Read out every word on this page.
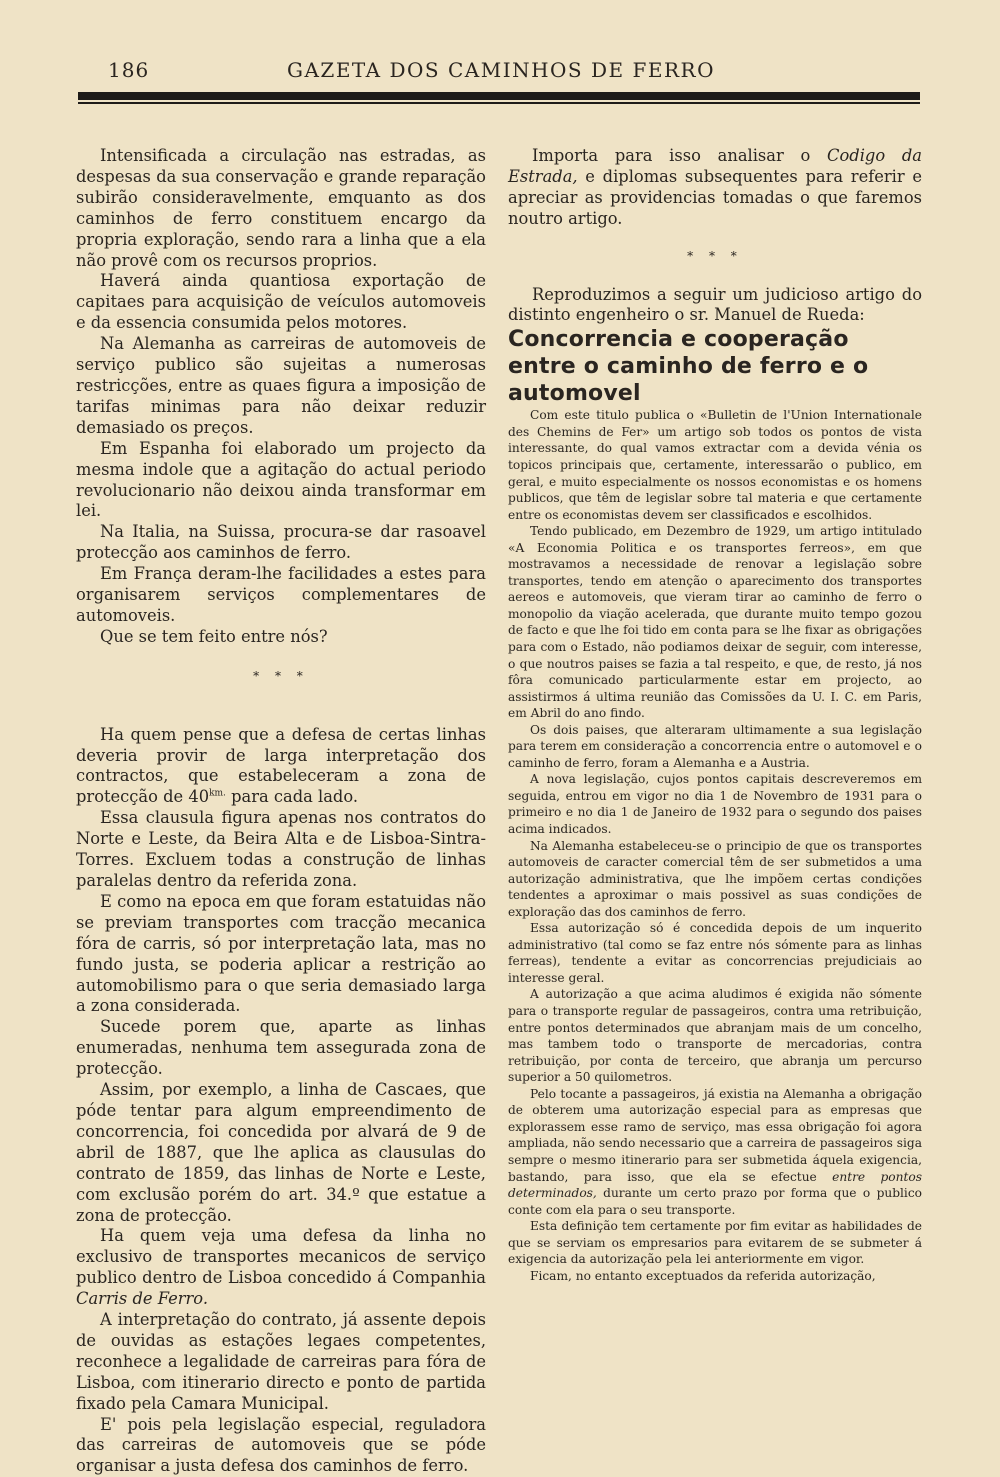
186	GAZETA DOS CAMINHOS DE FERRO

Intensificada a circulação nas estradas, as despesas da sua conservação e grande reparação subirão consideravelmente, emquanto as dos caminhos de ferro constituem encargo da propria exploração, sendo rara a linha que a ela não provê com os recursos proprios.

Haverá ainda quantiosa exportação de capitaes para acquisição de veículos automoveis e da essencia consumida pelos motores.

Na Alemanha as carreiras de automoveis de serviço publico são sujeitas a numerosas restricções, entre as quaes figura a imposição de tarifas minimas para não deixar reduzir demasiado os preços.

Em Espanha foi elaborado um projecto da mesma indole que a agitação do actual periodo revolucionario não deixou ainda transformar em lei.

Na Italia, na Suissa, procura-se dar rasoavel protecção aos caminhos de ferro.

Em França deram-lhe facilidades a estes para organisarem serviços complementares de automoveis.

Que se tem feito entre nós?

* * *

Ha quem pense que a defesa de certas linhas deveria provir de larga interpretação dos contractos, que estabeleceram a zona de protecção de $40^{km.}$ para cada lado.

Essa clausula figura apenas nos contratos do Norte e Leste, da Beira Alta e de Lisboa-Sintra-Torres. Excluem todas a construção de linhas paralelas dentro da referida zona.

E como na epoca em que foram estatuidas não se previam transportes com tracção mecanica fóra de carris, só por interpretação lata, mas no fundo justa, se poderia aplicar a restrição ao automobilismo para o que seria demasiado larga a zona considerada.

Sucede porem que, aparte as linhas enumeradas, nenhuma tem assegurada zona de protecção.

Assim, por exemplo, a linha de Cascaes, que póde tentar para algum empreendimento de concorrencia, foi concedida por alvará de 9 de abril de 1887, que lhe aplica as clausulas do contrato de 1859, das linhas de Norte e Leste, com exclusão porém do art. 34.º que estatue a zona de protecção.

Ha quem veja uma defesa da linha no exclusivo de transportes mecanicos de serviço publico dentro de Lisboa concedido á Companhia Carris de Ferro.

A interpretação do contrato, já assente depois de ouvidas as estações legaes competentes, reconhece a legalidade de carreiras para fóra de Lisboa, com itinerario directo e ponto de partida fixado pela Camara Municipal.

E' pois pela legislação especial, reguladora das carreiras de automoveis que se póde organisar a justa defesa dos caminhos de ferro.

Importa para isso analisar o Codigo da Estrada, e diplomas subsequentes para referir e apreciar as providencias tomadas o que faremos noutro artigo.

* * *

Reproduzimos a seguir um judicioso artigo do distinto engenheiro o sr. Manuel de Rueda:

Concorrencia e cooperação entre o caminho de ferro e o automovel

Com este titulo publica o «Bulletin de l'Union Internationale des Chemins de Fer» um artigo sob todos os pontos de vista interessante, do qual vamos extractar com a devida vénia os topicos principais que, certamente, interessarão o publico, em geral, e muito especialmente os nossos economistas e os homens publicos, que têm de legislar sobre tal materia e que certamente entre os economistas devem ser classificados e escolhidos.

Tendo publicado, em Dezembro de 1929, um artigo intitulado «A Economia Politica e os transportes ferreos», em que mostravamos a necessidade de renovar a legislação sobre transportes, tendo em atenção o aparecimento dos transportes aereos e automoveis, que vieram tirar ao caminho de ferro o monopolio da viação acelerada, que durante muito tempo gozou de facto e que lhe foi tido em conta para se lhe fixar as obrigações para com o Estado, não podiamos deixar de seguir, com interesse, o que noutros paises se fazia a tal respeito, e que, de resto, já nos fôra comunicado particularmente estar em projecto, ao assistirmos á ultima reunião das Comissões da U. I. C. em Paris, em Abril do ano findo.

Os dois paises, que alteraram ultimamente a sua legislação para terem em consideração a concorrencia entre o automovel e o caminho de ferro, foram a Alemanha e a Austria.

A nova legislação, cujos pontos capitais descreveremos em seguida, entrou em vigor no dia 1 de Novembro de 1931 para o primeiro e no dia 1 de Janeiro de 1932 para o segundo dos paises acima indicados.

Na Alemanha estabeleceu-se o principio de que os transportes automoveis de caracter comercial têm de ser submetidos a uma autorização administrativa, que lhe impõem certas condições tendentes a aproximar o mais possivel as suas condições de exploração das dos caminhos de ferro.

Essa autorização só é concedida depois de um inquerito administrativo (tal como se faz entre nós sómente para as linhas ferreas), tendente a evitar as concorrencias prejudiciais ao interesse geral.

A autorização a que acima aludimos é exigida não sómente para o transporte regular de passageiros, contra uma retribuição, entre pontos determinados que abranjam mais de um concelho, mas tambem todo o transporte de mercadorias, contra retribuição, por conta de terceiro, que abranja um percurso superior a 50 quilometros.

Pelo tocante a passageiros, já existia na Alemanha a obrigação de obterem uma autorização especial para as empresas que explorassem esse ramo de serviço, mas essa obrigação foi agora ampliada, não sendo necessario que a carreira de passageiros siga sempre o mesmo itinerario para ser submetida áquela exigencia, bastando, para isso, que ela se efectue entre pontos determinados, durante um certo prazo por forma que o publico conte com ela para o seu transporte.

Esta definição tem certamente por fim evitar as habilidades de que se serviam os empresarios para evitarem de se submeter á exigencia da autorização pela lei anteriormente em vigor.

Ficam, no entanto exceptuados da referida autorização,
